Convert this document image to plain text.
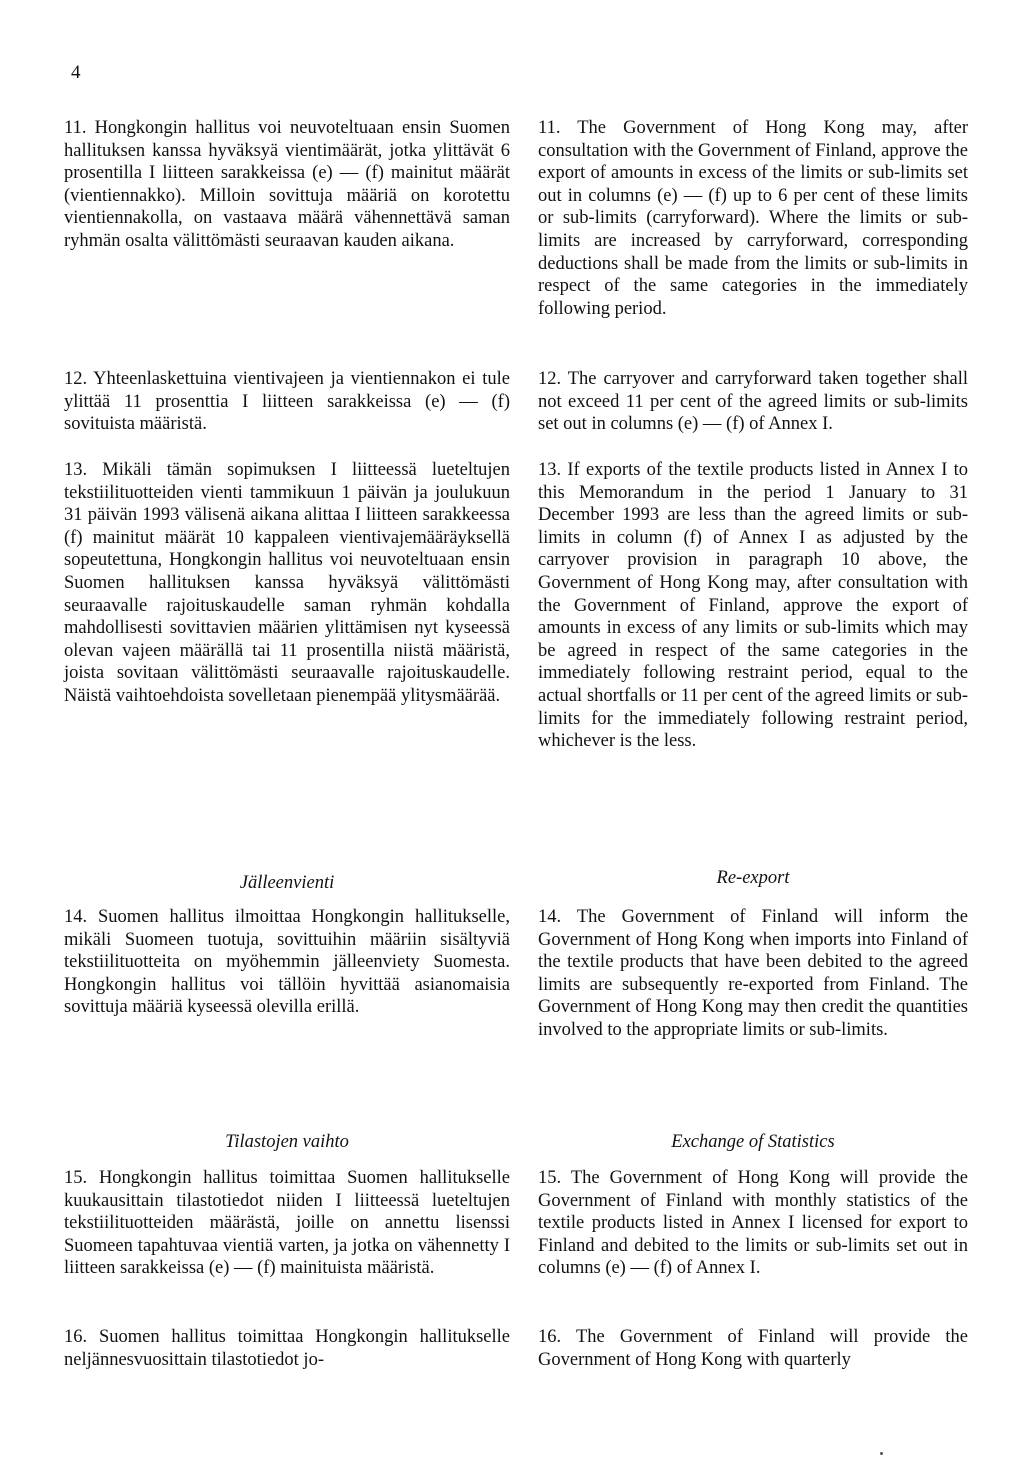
4

11. Hongkongin hallitus voi neuvoteltuaan ensin Suomen hallituksen kanssa hyväksyä vientimäärät, jotka ylittävät 6 prosentilla I liitteen sarakkeissa (e) — (f) mainitut määrät (vientiennakko). Milloin sovittuja määriä on korotettu vientiennakolla, on vastaava määrä vähennettävä saman ryhmän osalta välittömästi seuraavan kauden aikana.

12. Yhteenlaskettuina vientivajeen ja vientiennakon ei tule ylittää 11 prosenttia I liitteen sarakkeissa (e) — (f) sovituista määristä.

13. Mikäli tämän sopimuksen I liitteessä lueteltujen tekstiilituotteiden vienti tammikuun 1 päivän ja joulukuun 31 päivän 1993 välisenä aikana alittaa I liitteen sarakkeessa (f) mainitut määrät 10 kappaleen vientivajemääräyksellä sopeutettuna, Hongkongin hallitus voi neuvoteltuaan ensin Suomen hallituksen kanssa hyväksyä välittömästi seuraavalle rajoituskaudelle saman ryhmän kohdalla mahdollisesti sovittavien määrien ylittämisen nyt kyseessä olevan vajeen määrällä tai 11 prosentilla niistä määristä, joista sovitaan välittömästi seuraavalle rajoituskaudelle. Näistä vaihtoehdoista sovelletaan pienempää ylitysmäärää.

Jälleenvienti

14. Suomen hallitus ilmoittaa Hongkongin hallitukselle, mikäli Suomeen tuotuja, sovittuihin määriin sisältyviä tekstiilituotteita on myöhemmin jälleenviety Suomesta. Hongkongin hallitus voi tällöin hyvittää asianomaisia sovittuja määriä kyseessä olevilla erillä.

Tilastojen vaihto

15. Hongkongin hallitus toimittaa Suomen hallitukselle kuukausittain tilastotiedot niiden I liitteessä lueteltujen tekstiilituotteiden määrästä, joille on annettu lisenssi Suomeen tapahtuvaa vientiä varten, ja jotka on vähennetty I liitteen sarakkeissa (e) — (f) mainituista määristä.

16. Suomen hallitus toimittaa Hongkongin hallitukselle neljännesvuosittain tilastotiedot jo-

11. The Government of Hong Kong may, after consultation with the Government of Finland, approve the export of amounts in excess of the limits or sub-limits set out in columns (e) — (f) up to 6 per cent of these limits or sub-limits (carryforward). Where the limits or sub-limits are increased by carryforward, corresponding deductions shall be made from the limits or sub-limits in respect of the same categories in the immediately following period.

12. The carryover and carryforward taken together shall not exceed 11 per cent of the agreed limits or sub-limits set out in columns (e) — (f) of Annex I.

13. If exports of the textile products listed in Annex I to this Memorandum in the period 1 January to 31 December 1993 are less than the agreed limits or sub-limits in column (f) of Annex I as adjusted by the carryover provision in paragraph 10 above, the Government of Hong Kong may, after consultation with the Government of Finland, approve the export of amounts in excess of any limits or sub-limits which may be agreed in respect of the same categories in the immediately following restraint period, equal to the actual shortfalls or 11 per cent of the agreed limits or sub-limits for the immediately following restraint period, whichever is the less.

Re-export

14. The Government of Finland will inform the Government of Hong Kong when imports into Finland of the textile products that have been debited to the agreed limits are subsequently re-exported from Finland. The Government of Hong Kong may then credit the quantities involved to the appropriate limits or sub-limits.

Exchange of Statistics

15. The Government of Hong Kong will provide the Government of Finland with monthly statistics of the textile products listed in Annex I licensed for export to Finland and debited to the limits or sub-limits set out in columns (e) — (f) of Annex I.

16. The Government of Finland will provide the Government of Hong Kong with quarterly
